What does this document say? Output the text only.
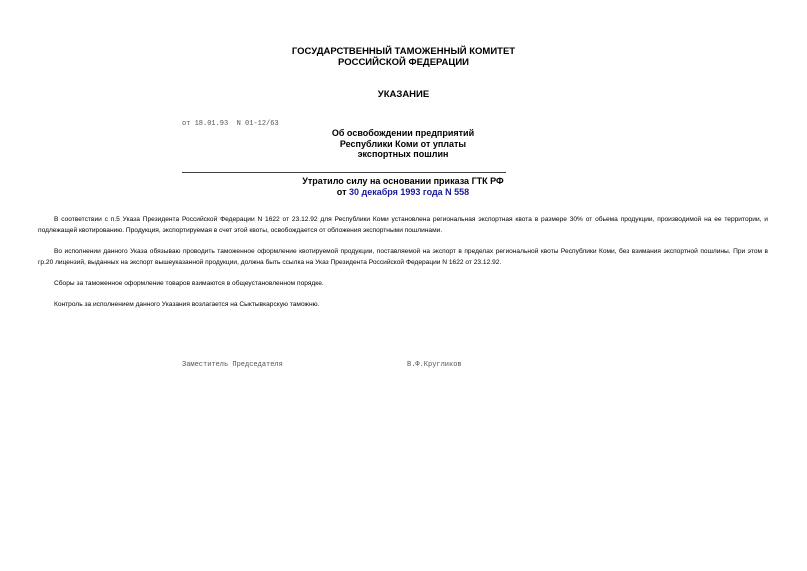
ГОСУДАРСТВЕННЫЙ ТАМОЖЕННЫЙ КОМИТЕТ
РОССИЙСКОЙ ФЕДЕРАЦИИ
УКАЗАНИЕ
от 18.01.93  N 01-12/63
Об освобождении предприятий
Республики Коми от уплаты
экспортных пошлин
Утратило силу на основании приказа ГТК РФ
от 30 декабря 1993 года N 558

В соответствии с п.5 Указа Президента Российской Федерации N 1622 от 23.12.92 для Республики Коми установлена региональная экспортная квота в размере 30% от обьема продукции, производимой на ее территории, и подлежащей квотированию. Продукция, экспортируемая в счет этой квоты, освобождается от обложения экспортными пошлинами.

Во исполнении данного Указа обязываю проводить таможенное оформление квотируемой продукции, поставляемой на экспорт в пределах региональной квоты Республики Коми, без взимания экспортной пошлины. При этом в гр.20 лицензий, выданных на экспорт вышеуказанной продукции, должна быть ссылка на Указ Президента Российской Федерации N 1622 от 23.12.92.

Сборы за таможенное оформление товаров взимаются в общеустановленном порядке.

Контроль за исполнением данного Указания возлагается на Сыктывкарскую таможню.

Заместитель Председателя	В.Ф.Кругликов
